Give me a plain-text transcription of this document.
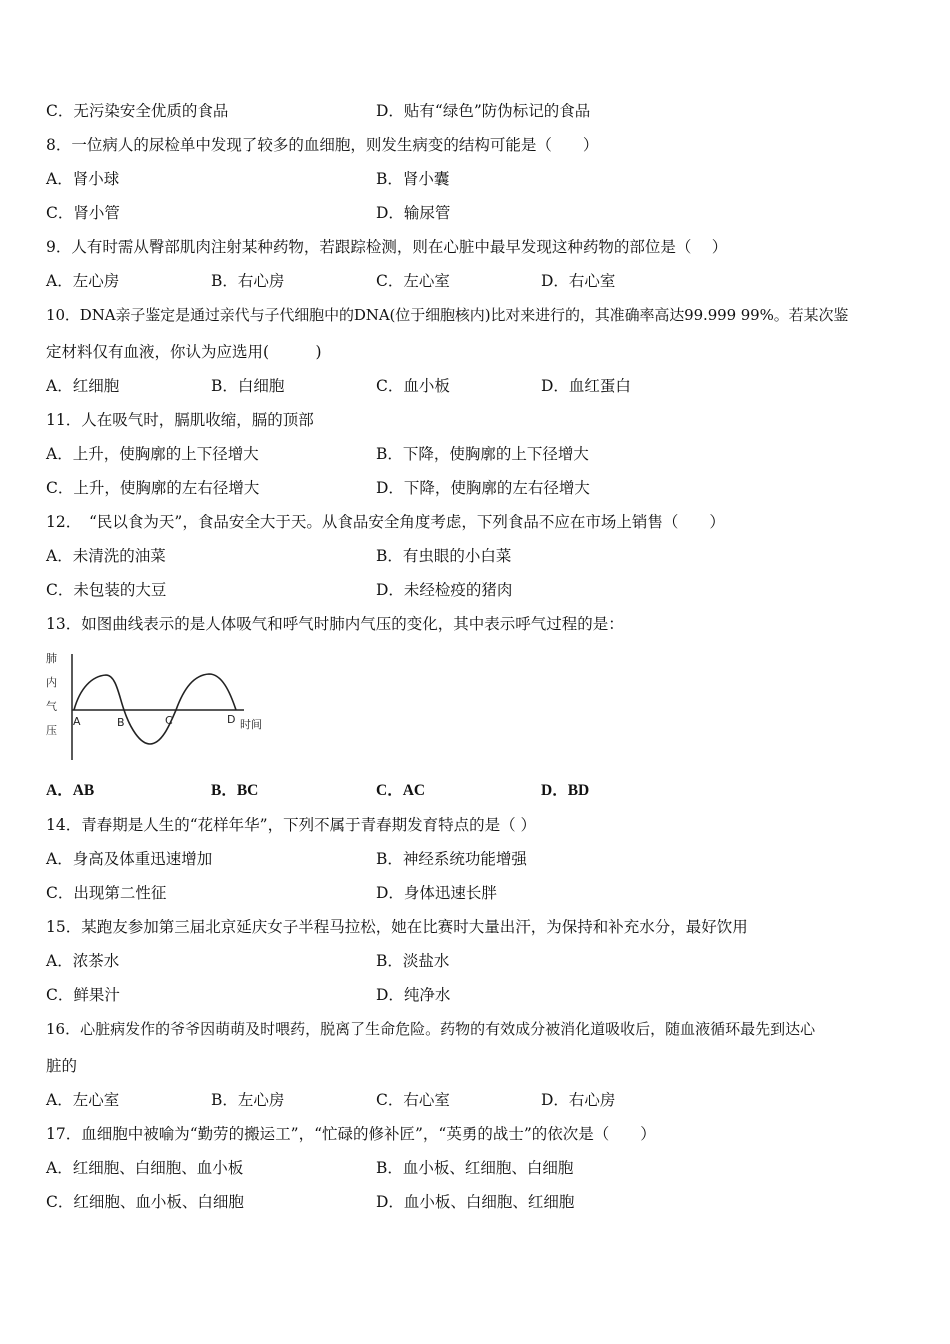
C．无污染安全优质的食品	D．贴有“绿色”防伪标记的食品
8．一位病人的尿检单中发现了较多的血细胞，则发生病变的结构可能是（　　）
A．肾小球	B．肾小囊
C．肾小管	D．输尿管
9．人有时需从臀部肌肉注射某种药物，若跟踪检测，则在心脏中最早发现这种药物的部位是（　 ）
A．左心房	B．右心房	C．左心室	D．右心室
10．DNA亲子鉴定是通过亲代与子代细胞中的DNA(位于细胞核内)比对来进行的，其准确率高达99.999 99%。若某次鉴
定材料仅有血液，你认为应选用(　　　)
A．红细胞	B．白细胞	C．血小板	D．血红蛋白
11．人在吸气时，膈肌收缩，膈的顶部
A．上升，使胸廓的上下径增大	B．下降，使胸廓的上下径增大
C．上升，使胸廓的左右径增大	D．下降，使胸廓的左右径增大
12．　“民以食为天”，食品安全大于天。从食品安全角度考虑，下列食品不应在市场上销售（　　）
A．未清洗的油菜	B．有虫眼的小白菜
C．未包装的大豆	D．未经检疫的猪肉
13．如图曲线表示的是人体吸气和呼气时肺内气压的变化，其中表示呼气过程的是：
肺
内
气
压
A	B	C	D 时间
A．AB	B．BC	C．AC	D．BD
14．青春期是人生的“花样年华”，下列不属于青春期发育特点的是（ ）
A．身高及体重迅速增加	B．神经系统功能增强
C．出现第二性征	D．身体迅速长胖
15．某跑友参加第三届北京延庆女子半程马拉松，她在比赛时大量出汗，为保持和补充水分，最好饮用
A．浓茶水	B．淡盐水
C．鲜果汁	D．纯净水
16．心脏病发作的爷爷因萌萌及时喂药，脱离了生命危险。药物的有效成分被消化道吸收后，随血液循环最先到达心
脏的
A．左心室	B．左心房	C．右心室	D．右心房
17．血细胞中被喻为“勤劳的搬运工”，“忙碌的修补匠”，“英勇的战士”的依次是（　　）
A．红细胞、白细胞、血小板	B．血小板、红细胞、白细胞
C．红细胞、血小板、白细胞	D．血小板、白细胞、红细胞
